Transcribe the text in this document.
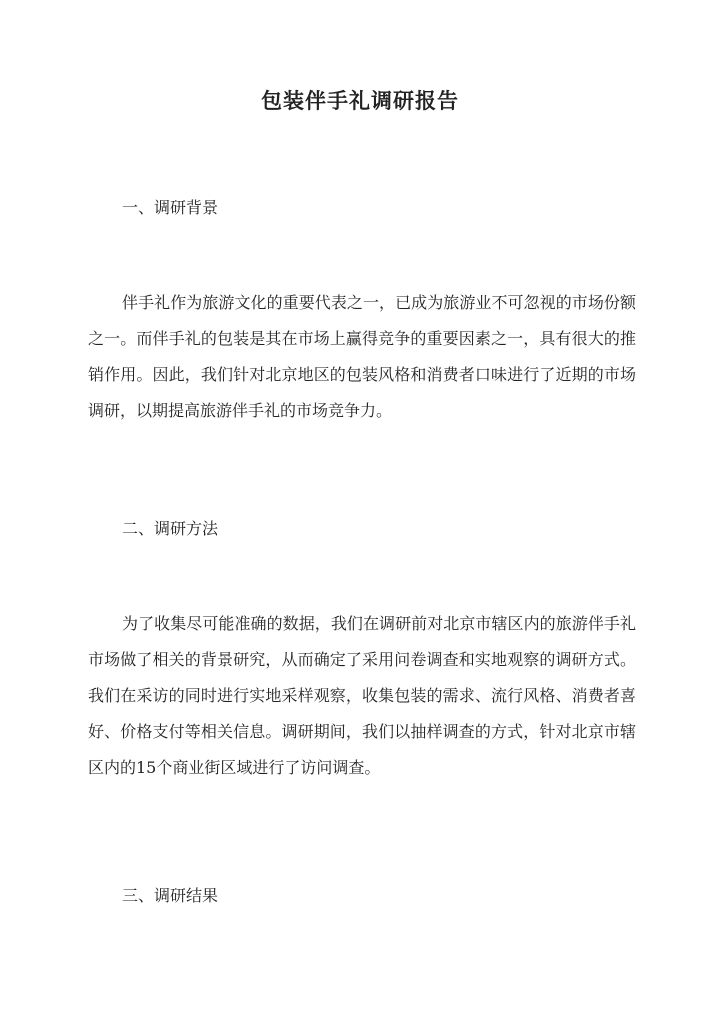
包装伴手礼调研报告
一、调研背景

伴手礼作为旅游文化的重要代表之一，已成为旅游业不可忽视的市场份额之一。而伴手礼的包装是其在市场上赢得竞争的重要因素之一，具有很大的推销作用。因此，我们针对北京地区的包装风格和消费者口味进行了近期的市场调研，以期提高旅游伴手礼的市场竞争力。

二、调研方法

为了收集尽可能准确的数据，我们在调研前对北京市辖区内的旅游伴手礼市场做了相关的背景研究，从而确定了采用问卷调查和实地观察的调研方式。我们在采访的同时进行实地采样观察，收集包装的需求、流行风格、消费者喜好、价格支付等相关信息。调研期间，我们以抽样调查的方式，针对北京市辖区内的15个商业街区域进行了访问调查。

三、调研结果
